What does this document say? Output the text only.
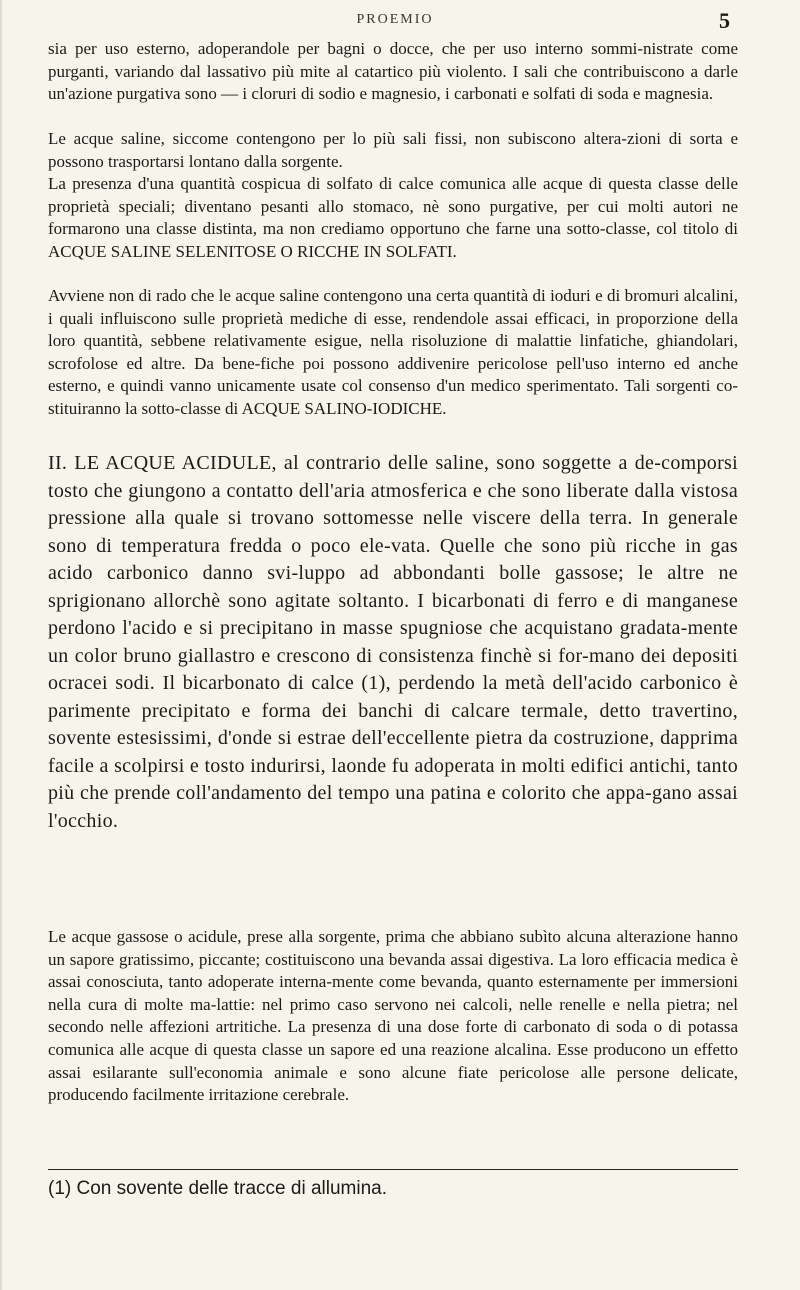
PROEMIO	5

sia per uso esterno, adoperandole per bagni o docce, che per uso interno sommi-nistrate come purganti, variando dal lassativo più mite al catartico più violento. I sali che contribuiscono a darle un'azione purgativa sono — i cloruri di sodio e magnesio, i carbonati e solfati di soda e magnesia.

Le acque saline, siccome contengono per lo più sali fissi, non subiscono altera-zioni di sorta e possono trasportarsi lontano dalla sorgente.

La presenza d'una quantità cospicua di solfato di calce comunica alle acque di questa classe delle proprietà speciali; diventano pesanti allo stomaco, nè sono purgative, per cui molti autori ne formarono una classe distinta, ma non crediamo opportuno che farne una sotto-classe, col titolo di ACQUE SALINE SELENITOSE O RICCHE IN SOLFATI.

Avviene non di rado che le acque saline contengono una certa quantità di ioduri e di bromuri alcalini, i quali influiscono sulle proprietà mediche di esse, rendendole assai efficaci, in proporzione della loro quantità, sebbene relativamente esigue, nella risoluzione di malattie linfatiche, ghiandolari, scrofolose ed altre. Da bene-fiche poi possono addivenire pericolose pell'uso interno ed anche esterno, e quindi vanno unicamente usate col consenso d'un medico sperimentato. Tali sorgenti co-stituiranno la sotto-classe di ACQUE SALINO-IODICHE.

II. LE ACQUE ACIDULE, al contrario delle saline, sono soggette a de-comporsi tosto che giungono a contatto dell'aria atmosferica e che sono liberate dalla vistosa pressione alla quale si trovano sottomesse nelle viscere della terra. In generale sono di temperatura fredda o poco ele-vata. Quelle che sono più ricche in gas acido carbonico danno svi-luppo ad abbondanti bolle gassose; le altre ne sprigionano allorchè sono agitate soltanto. I bicarbonati di ferro e di manganese perdono l'acido e si precipitano in masse spugniose che acquistano gradata-mente un color bruno giallastro e crescono di consistenza finchè si for-mano dei depositi ocracei sodi. Il bicarbonato di calce (1), perdendo la metà dell'acido carbonico è parimente precipitato e forma dei banchi di calcare termale, detto travertino, sovente estesissimi, d'onde si estrae dell'eccellente pietra da costruzione, dapprima facile a scolpirsi e tosto indurirsi, laonde fu adoperata in molti edifici antichi, tanto più che prende coll'andamento del tempo una patina e colorito che appa-gano assai l'occhio.

Le acque gassose o acidule, prese alla sorgente, prima che abbiano subìto alcuna alterazione hanno un sapore gratissimo, piccante; costituiscono una bevanda assai digestiva. La loro efficacia medica è assai conosciuta, tanto adoperate interna-mente come bevanda, quanto esternamente per immersioni nella cura di molte ma-lattie: nel primo caso servono nei calcoli, nelle renelle e nella pietra; nel secondo nelle affezioni artritiche. La presenza di una dose forte di carbonato di soda o di potassa comunica alle acque di questa classe un sapore ed una reazione alcalina. Esse producono un effetto assai esilarante sull'economia animale e sono alcune fiate pericolose alle persone delicate, producendo facilmente irritazione cerebrale.

(1) Con sovente delle tracce di allumina.
